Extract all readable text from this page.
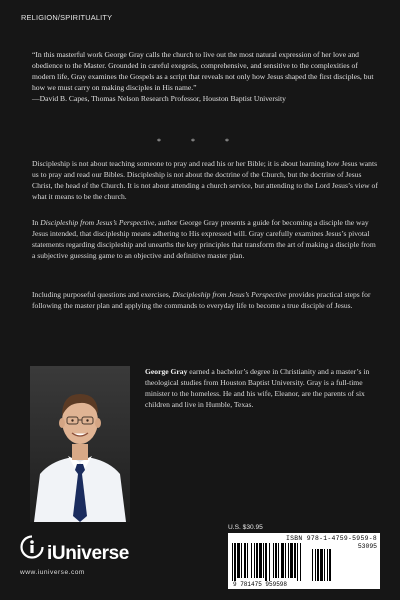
RELIGION/SPIRITUALITY

“In this masterful work George Gray calls the church to live out the most natural expression of her love and obedience to the Master. Grounded in careful exegesis, comprehensive, and sensitive to the complexities of modern life, Gray examines the Gospels as a script that reveals not only how Jesus shaped the first disciples, but how we must carry on making disciples in His name.”

—David B. Capes, Thomas Nelson Research Professor, Houston Baptist University

* * *

Discipleship is not about teaching someone to pray and read his or her Bible; it is about learning how Jesus wants us to pray and read our Bibles. Discipleship is not about the doctrine of the Church, but the doctrine of Jesus Christ, the head of the Church. It is not about attending a church service, but attending to the Lord Jesus’s view of what it means to be the church.

In Discipleship from Jesus’s Perspective, author George Gray presents a guide for becoming a disciple the way Jesus intended, that discipleship means adhering to His expressed will. Gray carefully examines Jesus’s pivotal statements regarding discipleship and unearths the key principles that transform the art of making a disciple from a subjective guessing game to an objective and definitive master plan.

Including purposeful questions and exercises, Discipleship from Jesus’s Perspective provides practical steps for following the master plan and applying the commands to everyday life to become a true disciple of Jesus.

George Gray earned a bachelor’s degree in Christianity and a master’s in theological studies from Houston Baptist University. Gray is a full-time minister to the homeless. He and his wife, Eleanor, are the parents of six children and live in Humble, Texas.

U.S. $30.95
ISBN 978-1-4759-5959-8
53095
9 781475 959598
iUniverse
www.iuniverse.com
